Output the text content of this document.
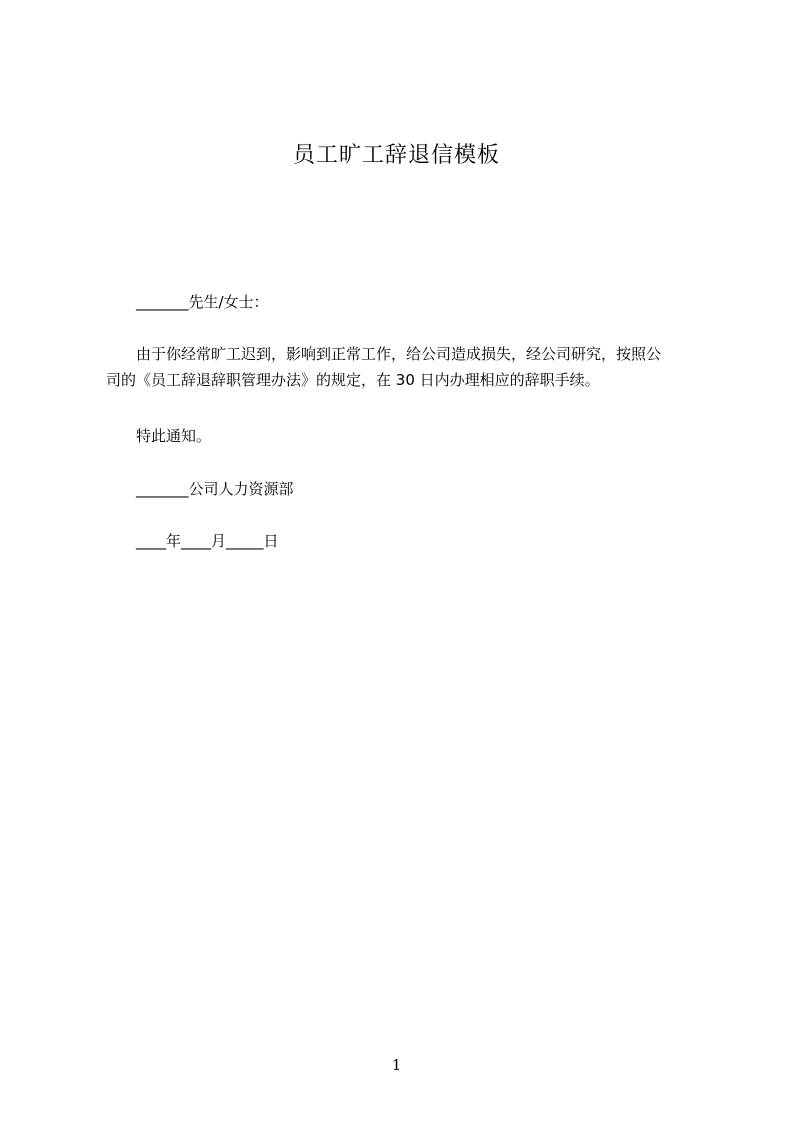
员工旷工辞退信模板
_______先生/女士：
由于你经常旷工迟到，影响到正常工作，给公司造成损失，经公司研究，按照公
司的《员工辞退辞职管理办法》的规定，在 30 日内办理相应的辞职手续。
特此通知。
_______公司人力资源部
____年____月_____日
1
